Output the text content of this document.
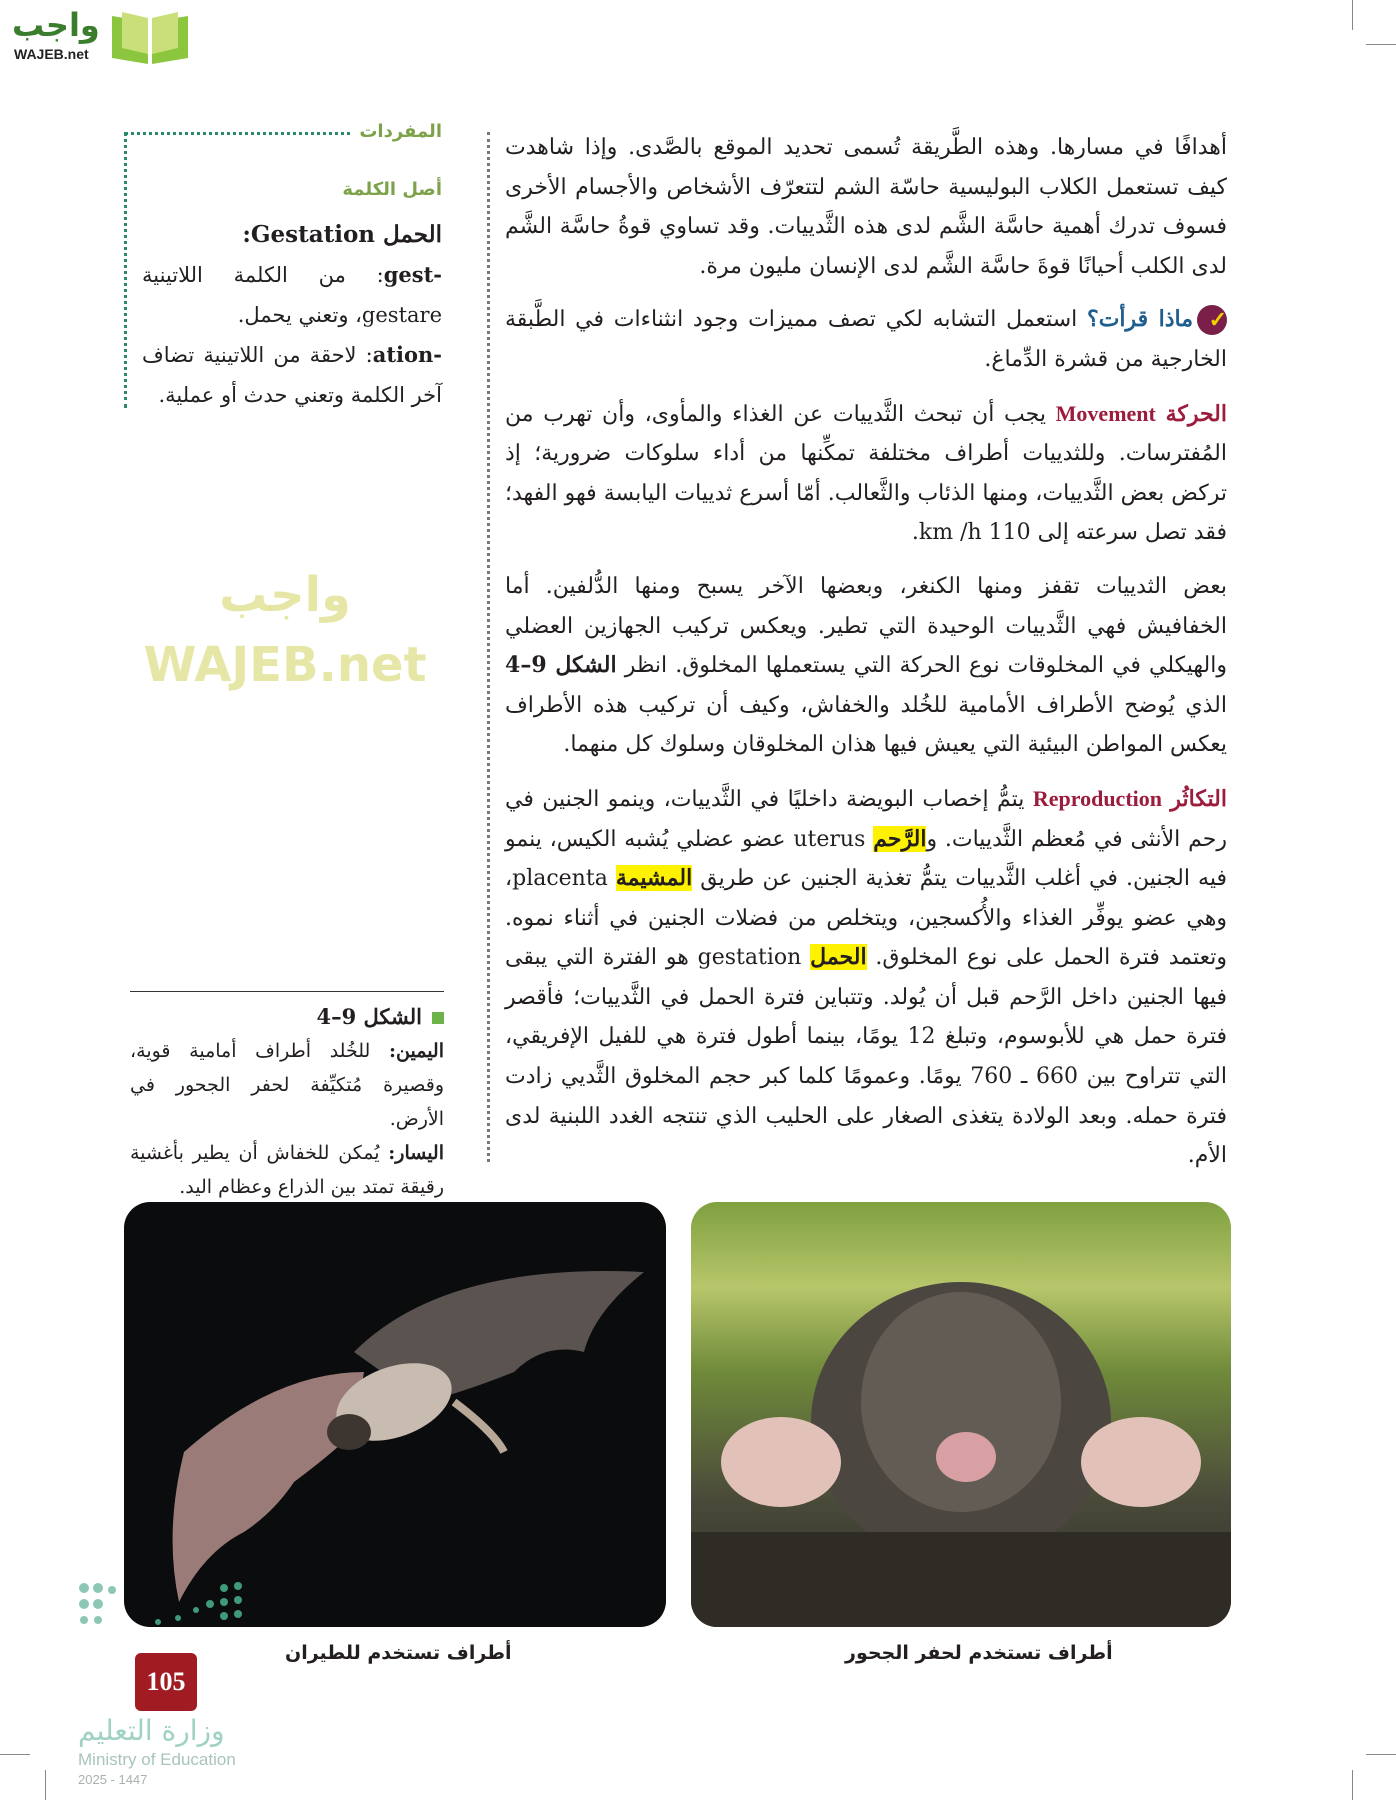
واجب
WAJEB.net
واجب WAJEB.net

أهدافًا في مسارها. وهذه الطَّريقة تُسمى تحديد الموقع بالصَّدى. وإذا شاهدت كيف تستعمل الكلاب البوليسية حاسّة الشم لتتعرّف الأشخاص والأجسام الأخرى فسوف تدرك أهمية حاسَّة الشَّم لدى هذه الثَّدييات. وقد تساوي قوةُ حاسَّة الشَّم لدى الكلب أحيانًا قوةَ حاسَّة الشَّم لدى الإنسان مليون مرة.

✓ماذا قرأت؟ استعمل التشابه لكي تصف مميزات وجود انثناءات في الطَّبقة الخارجية من قشرة الدِّماغ.

الحركة Movement يجب أن تبحث الثَّدييات عن الغذاء والمأوى، وأن تهرب من المُفترسات. وللثدييات أطراف مختلفة تمكِّنها من أداء سلوكات ضرورية؛ إذ تركض بعض الثَّدييات، ومنها الذئاب والثَّعالب. أمّا أسرع ثدييات اليابسة فهو الفهد؛ فقد تصل سرعته إلى 110 km /h.

بعض الثدييات تقفز ومنها الكنغر، وبعضها الآخر يسبح ومنها الدُّلفين. أما الخفافيش فهي الثَّدييات الوحيدة التي تطير. ويعكس تركيب الجهازين العضلي والهيكلي في المخلوقات نوع الحركة التي يستعملها المخلوق. انظر الشكل 9–4 الذي يُوضح الأطراف الأمامية للخُلد والخفاش، وكيف أن تركيب هذه الأطراف يعكس المواطن البيئية التي يعيش فيها هذان المخلوقان وسلوك كل منهما.

التكاثُر Reproduction يتمُّ إخصاب البويضة داخليًا في الثَّدييات، وينمو الجنين في رحم الأنثى في مُعظم الثَّدييات. والرَّحم uterus عضو عضلي يُشبه الكيس، ينمو فيه الجنين. في أغلب الثَّدييات يتمُّ تغذية الجنين عن طريق المشيمة placenta، وهي عضو يوفِّر الغذاء والأُكسجين، ويتخلص من فضلات الجنين في أثناء نموه. وتعتمد فترة الحمل على نوع المخلوق. الحمل gestation هو الفترة التي يبقى فيها الجنين داخل الرَّحم قبل أن يُولد. وتتباين فترة الحمل في الثَّدييات؛ فأقصر فترة حمل هي للأبوسوم، وتبلغ 12 يومًا، بينما أطول فترة هي للفيل الإفريقي، التي تتراوح بين 660 ـ 760 يومًا. وعمومًا كلما كبر حجم المخلوق الثَّديي زادت فترة حمله. وبعد الولادة يتغذى الصغار على الحليب الذي تنتجه الغدد اللبنية لدى الأم.

المفردات
أصل الكلمة
الحمل Gestation:
-gest: من الكلمة اللاتينية gestare، وتعني يحمل.
-ation: لاحقة من اللاتينية تضاف آخر الكلمة وتعني حدث أو عملية.
الشكل 9–4
اليمين: للخُلد أطراف أمامية قوية، وقصيرة مُتكيِّفة لحفر الجحور في الأرض.
اليسار: يُمكن للخفاش أن يطير بأغشية رقيقة تمتد بين الذراع وعظام اليد.
أطراف تستخدم للطيران	أطراف تستخدم لحفر الجحور
105
وزارة التعليم
Ministry of Education
2025 - 1447
